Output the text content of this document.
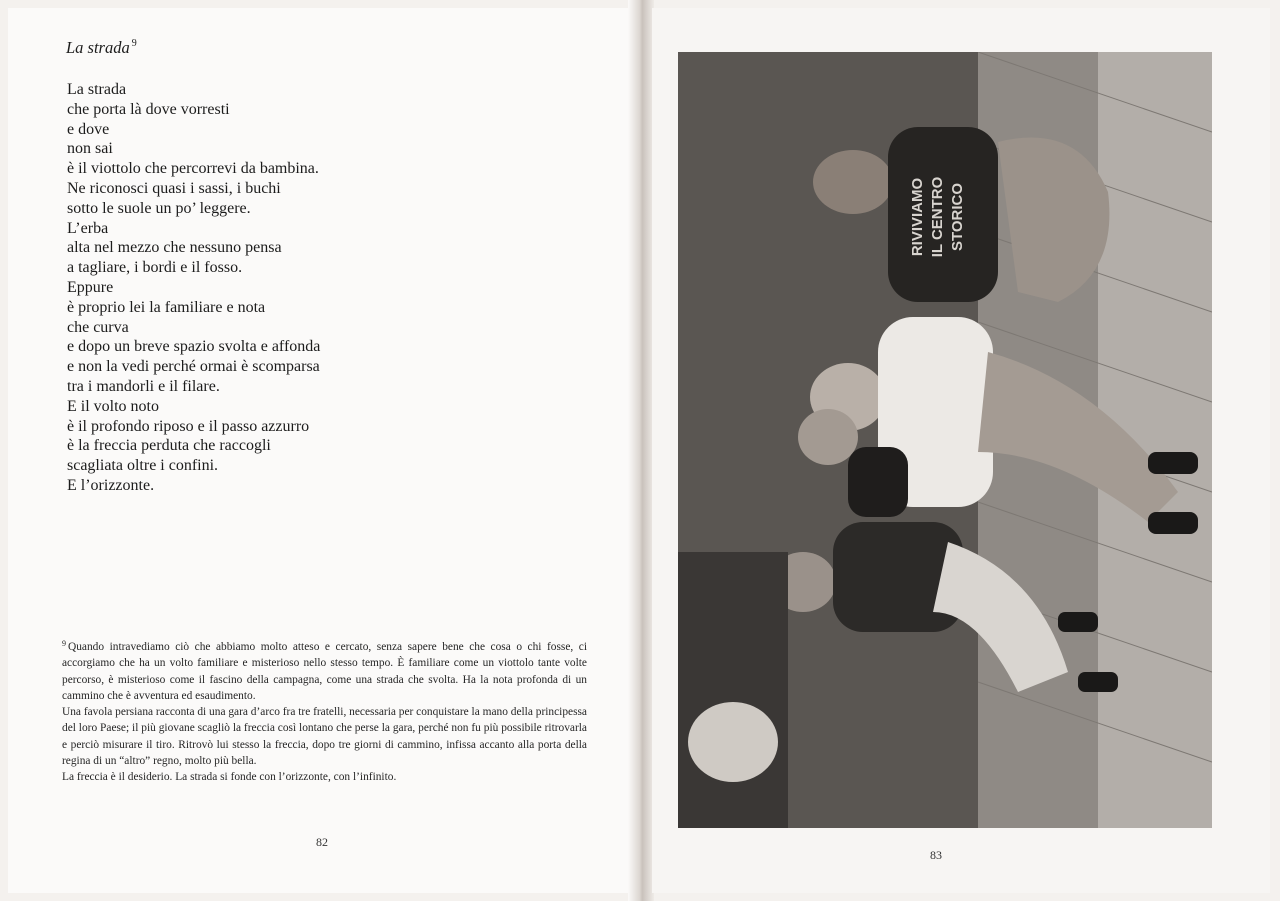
La strada $^9$
La strada
che porta là dove vorresti
e dove
non sai
è il viottolo che percorrevi da bambina.
Ne riconosci quasi i sassi, i buchi
sotto le suole un po’ leggere.
L’erba
alta nel mezzo che nessuno pensa
a tagliare, i bordi e il fosso.
Eppure
è proprio lei la familiare e nota
che curva
e dopo un breve spazio svolta e affonda
e non la vedi perché ormai è scomparsa
tra i mandorli e il filare.
E il volto noto
è il profondo riposo e il passo azzurro
è la freccia perduta che raccogli
scagliata oltre i confini.
E l’orizzonte.

$^9$ Quando intravediamo ciò che abbiamo molto atteso e cercato, senza sapere bene che cosa o chi fosse, ci accorgiamo che ha un volto familiare e misterioso nello stesso tempo. È familiare come un viottolo tante volte percorso, è misterioso come il fascino della campagna, come una strada che svolta. Ha la nota profonda di un cammino che è avventura ed esaudimento.

Una favola persiana racconta di una gara d’arco fra tre fratelli, necessaria per conquistare la mano della principessa del loro Paese; il più giovane scagliò la freccia così lontano che perse la gara, perché non fu più possibile ritrovarla e perciò misurare il tiro. Ritrovò lui stesso la freccia, dopo tre giorni di cammino, infissa accanto alla porta della regina di un “altro” regno, molto più bella.

La freccia è il desiderio. La strada si fonde con l’orizzonte, con l’infinito.

82
RIVIVIAMO IL CENTRO STORICO
83
